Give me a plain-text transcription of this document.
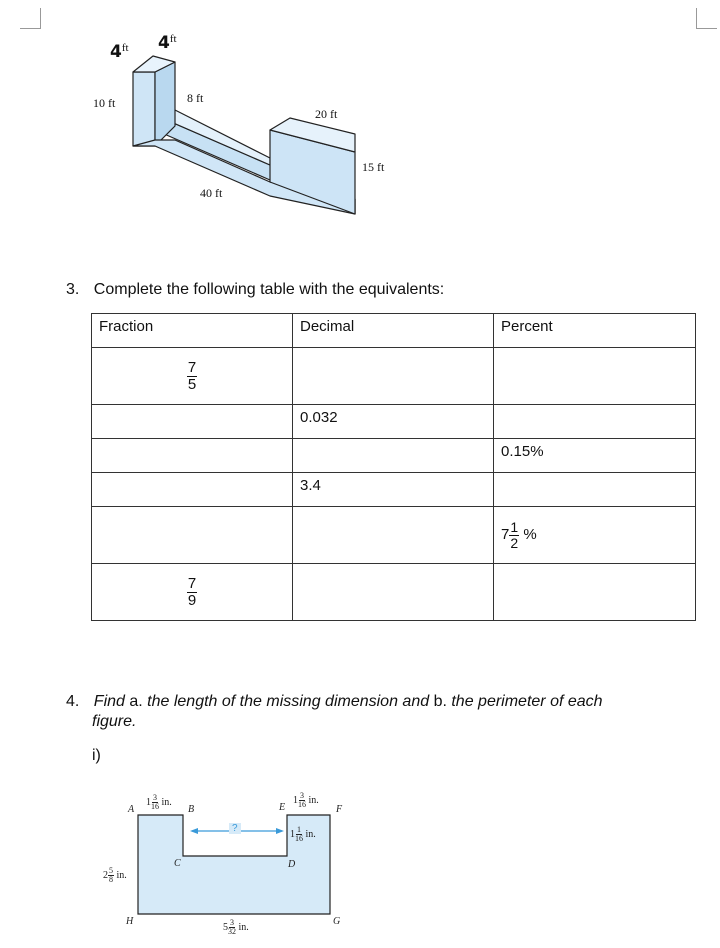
$4^{ft}$ $4^{ft}$
10 ft	8 ft
40 ft
20 ft
15 ft
3. Complete the following table with the equivalents:
Fraction	Decimal	Percent

$\frac{7}{5}$

	0.032	
		0.15%
	3.4	
		$7 \frac{1}{2}$ %

$\frac{7}{9}$

4. Find a. the length of the missing dimension and b. the perimeter of each
figure.
i)
?
A	B
C	D
E	F
G
H
$1 \frac{3}{16}$ in.	$1 \frac{3}{16}$ in.
$1 \frac{1}{16}$ in.
$2 \frac{5}{8}$ in.
$5 \frac{3}{32}$ in.
